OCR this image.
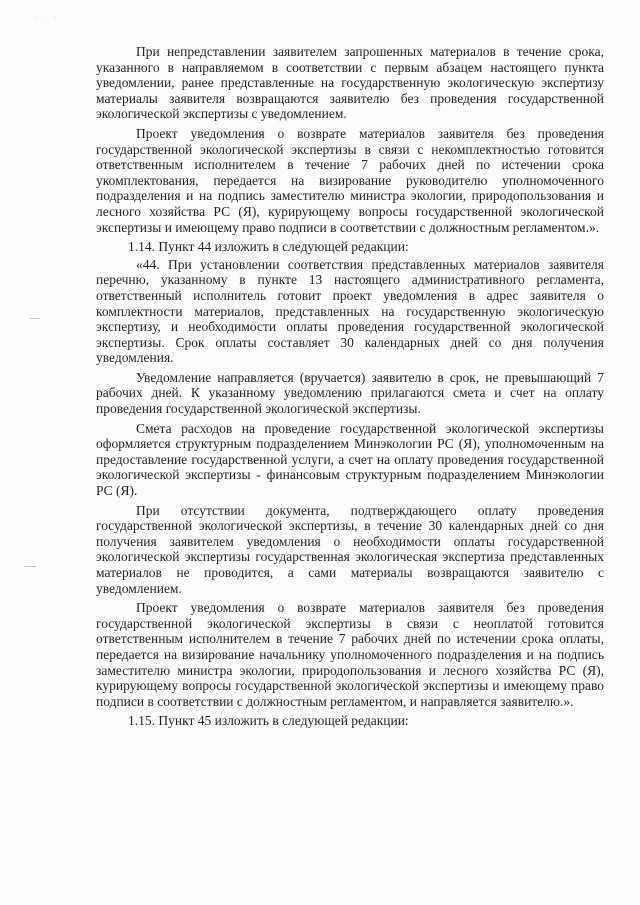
· · ·

При непредставлении заявителем запрошенных материалов в течение срока, указанного в направляемом в соответствии с первым абзацем настоящего пункта уведомлении, ранее представленные на государственную экологическую экспертизу материалы заявителя возвращаются заявителю без проведения государственной экологической экспертизы с уведомлением.

Проект уведомления о возврате материалов заявителя без проведения государственной экологической экспертизы в связи с некомплектностью готовится ответственным исполнителем в течение 7 рабочих дней по истечении срока укомплектования, передается на визирование руководителю уполномоченного подразделения и на подпись заместителю министра экологии, природопользования и лесного хозяйства РС (Я), курирующему вопросы государственной экологической экспертизы и имеющему право подписи в соответствии с должностным регламентом.».

1.14. Пункт 44 изложить в следующей редакции:

«44. При установлении соответствия представленных материалов заявителя перечню, указанному в пункте 13 настоящего административного регламента, ответственный исполнитель готовит проект уведомления в адрес заявителя о комплектности материалов, представленных на государственную экологическую экспертизу, и необходимости оплаты проведения государственной экологической экспертизы. Срок оплаты составляет 30 календарных дней со дня получения уведомления.

Уведомление направляется (вручается) заявителю в срок, не превышающий 7 рабочих дней. К указанному уведомлению прилагаются смета и счет на оплату проведения государственной экологической экспертизы.

Смета расходов на проведение государственной экологической экспертизы оформляется структурным подразделением Минэкологии РС (Я), уполномоченным на предоставление государственной услуги, а счет на оплату проведения государственной экологической экспертизы - финансовым структурным подразделением Минэкологии РС (Я).

При отсутствии документа, подтверждающего оплату проведения государственной экологической экспертизы, в течение 30 календарных дней со дня получения заявителем уведомления о необходимости оплаты государственной экологической экспертизы государственная экологическая экспертиза представленных материалов не проводится, а сами материалы возвращаются заявителю с уведомлением.

Проект уведомления о возврате материалов заявителя без проведения государственной экологической экспертизы в связи с неоплатой готовится ответственным исполнителем в течение 7 рабочих дней по истечении срока оплаты, передается на визирование начальнику уполномоченного подразделения и на подпись заместителю министра экологии, природопользования и лесного хозяйства РС (Я), курирующему вопросы государственной экологической экспертизы и имеющему право подписи в соответствии с должностным регламентом, и направляется заявителю.».

1.15. Пункт 45 изложить в следующей редакции:
